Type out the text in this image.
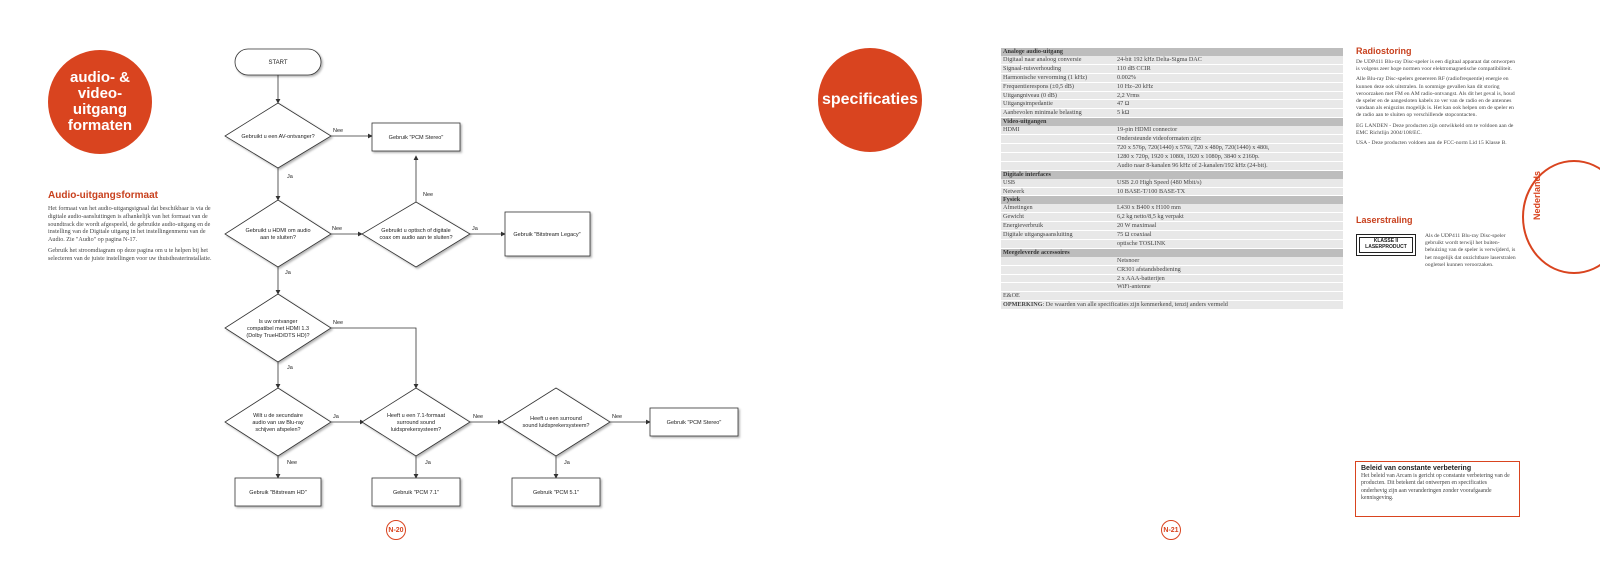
audio- &
video-
uitgang
formaten
Audio-uitgangsformaat

Het formaat van het audio-uitgangsignaal dat beschikbaar is via de digitale audio-aansluitingen is afhankelijk van het formaat van de soundtrack die wordt afgespeeld, de gebruikte audio-uitgang en de instelling van de Digitale uitgang in het instellingenmenu van de Audio. Zie "Audio" op pagina N-17.

Gebruik het stroomdiagram op deze pagina om u te helpen bij het selecteren van de juiste instellingen voor uw thuistheaterinstallatie.

START
Gebruikt u een AV-ontvanger?
Gebruikt u HDMI om audio
aan te sluiten?
Gebruikt u optisch of digitale
coax om audio aan te sluiten?
Is uw ontvanger
compatibel met HDMI 1.3
(Dolby TrueHD/DTS HD)?
Wilt u de secundaire
audio van uw Blu-ray
schijven afspelen?
Heeft u een 7.1-formaat
surround sound
luidsprekersysteem?
Heeft u een surround
sound luidsprekersysteem?
Gebruik "PCM Stereo"
Gebruik "Bitstream Legacy"
Gebruik "Bitstream HD"	Gebruik "PCM 7.1"	Gebruik "PCM 5.1"
Gebruik "PCM Stereo"
Nee
Ja
Nee
Nee
Ja
Ja
Nee
Ja
Ja
Nee
Nee
Ja
Nee
Ja
N-20
specificaties
Analoge audio-uitgang	
Digitaal naar analoog conversie	24-bit 192 kHz Delta-Sigma DAC
Signaal-ruisverhouding	110 dB CCIR
Harmonische vervorming (1 kHz)	0.002%
Frequentierespons (±0,5 dB)	10 Hz–20 kHz
Uitgangniveau (0 dB)	2,2 Vrms
Uitgangsimpedantie	47 Ω
Aanbevolen minimale belasting	5 kΩ
Video-uitgangen	
HDMI	19-pin HDMI connector
	Ondersteunde videoformaten zijn:
	720 x 576p, 720(1440) x 576i, 720 x 480p, 720(1440) x 480i,
	1280 x 720p, 1920 x 1080i, 1920 x 1080p, 3840 x 2160p.
	Audio naar 8-kanalen 96 kHz of 2-kanalen/192 kHz (24-bit).
Digitale interfaces	
USB	USB 2.0 High Speed (480 Mbit/s)
Netwerk	10 BASE-T/100 BASE-TX
Fysiek	
Afmetingen	L430 x B400 x H100 mm
Gewicht	6,2 kg netto/8,5 kg verpakt
Energieverbruik	20 W maximaal
Digitale uitgangsaansluiting	75 Ω coaxiaal
	optische TOSLINK
Meegeleverde accessoires	
	Netsnoer
	CR301 afstandsbediening
	2 x AAA-batterijen
	WiFi-antenne
E&OE	
OPMERKING: De waarden van alle specificaties zijn kenmerkend, tenzij anders vermeld	
Radiostoring

De UDP411 Blu-ray Disc-speler is een digitaal apparaat dat ontworpen is volgens zeer hoge normen voor elektromagnetische compatibiliteit.

Alle Blu-ray Disc-spelers genereren RF (radiofrequentie) energie en kunnen deze ook uitstralen. In sommige gevallen kan dit storing veroorzaken met FM en AM radio-ontvangst. Als dit het geval is, houd de speler en de aangesloten kabels zo ver van de radio en de antennes vandaan als enigszins mogelijk is. Het kan ook helpen om de speler en de radio aan te sluiten op verschillende stopcontacten.

EG LANDEN - Deze producten zijn ontwikkeld om te voldoen aan de EMC Richtlijn 2004/108/EC.

USA - Deze producten voldoen aan de FCC-norm Lid 15 Klasse B.

Laserstraling
KLASSE II LASERPRODUCT
Als de UDP411 Blu-ray Disc-speler gebruikt wordt terwijl het buiten-behuizing van de speler is verwijderd, is het mogelijk dat onzichtbare laserstralen oogletsel kunnen veroorzaken.
Nederlands
Beleid van constante verbetering
Het beleid van Arcam is gericht op constante verbetering van de producten. Dit betekent dat ontwerpen en specificaties onderhevig zijn aan veranderingen zonder voorafgaande kennisgeving.
N-21
